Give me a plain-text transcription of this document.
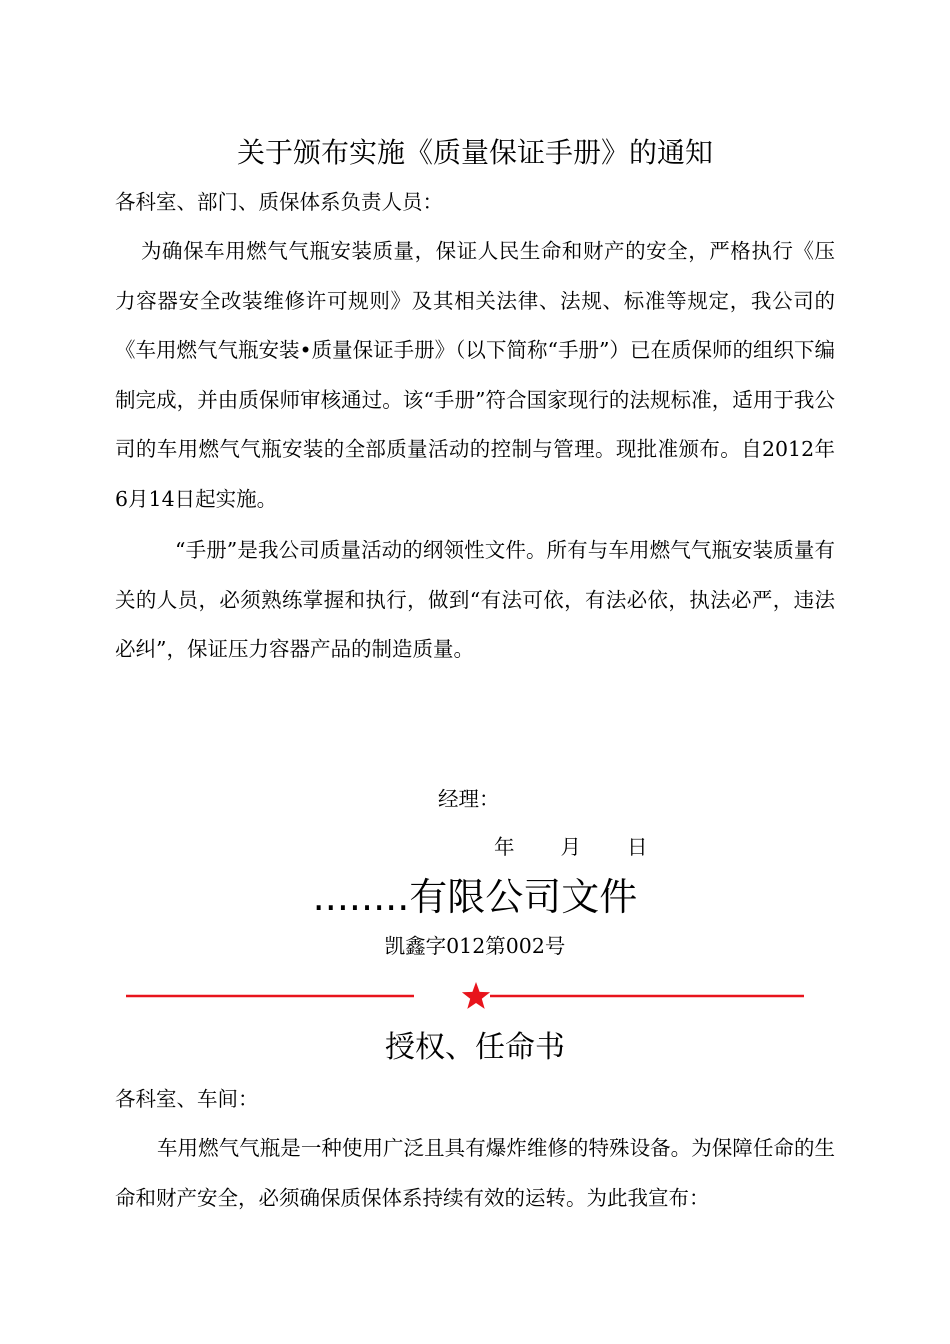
关于颁布实施《质量保证手册》的通知

各科室、部门、质保体系负责人员：

为确保车用燃气气瓶安装质量，保证人民生命和财产的安全，严格执行《压力容器安全改装维修许可规则》及其相关法律、法规、标准等规定，我公司的《车用燃气气瓶安装•质量保证手册》（以下简称“手册”）已在质保师的组织下编制完成，并由质保师审核通过。该“手册”符合国家现行的法规标准，适用于我公司的车用燃气气瓶安装的全部质量活动的控制与管理。现批准颁布。自2012年6月14日起实施。

“手册”是我公司质量活动的纲领性文件。所有与车用燃气气瓶安装质量有关的人员，必须熟练掌握和执行，做到“有法可依，有法必依，执法必严，违法必纠”，保证压力容器产品的制造质量。

经理：
年 月 日
........有限公司文件
凯鑫字012第002号
授权、任命书

各科室、车间：

车用燃气气瓶是一种使用广泛且具有爆炸维修的特殊设备。为保障任命的生命和财产安全，必须确保质保体系持续有效的运转。为此我宣布：
